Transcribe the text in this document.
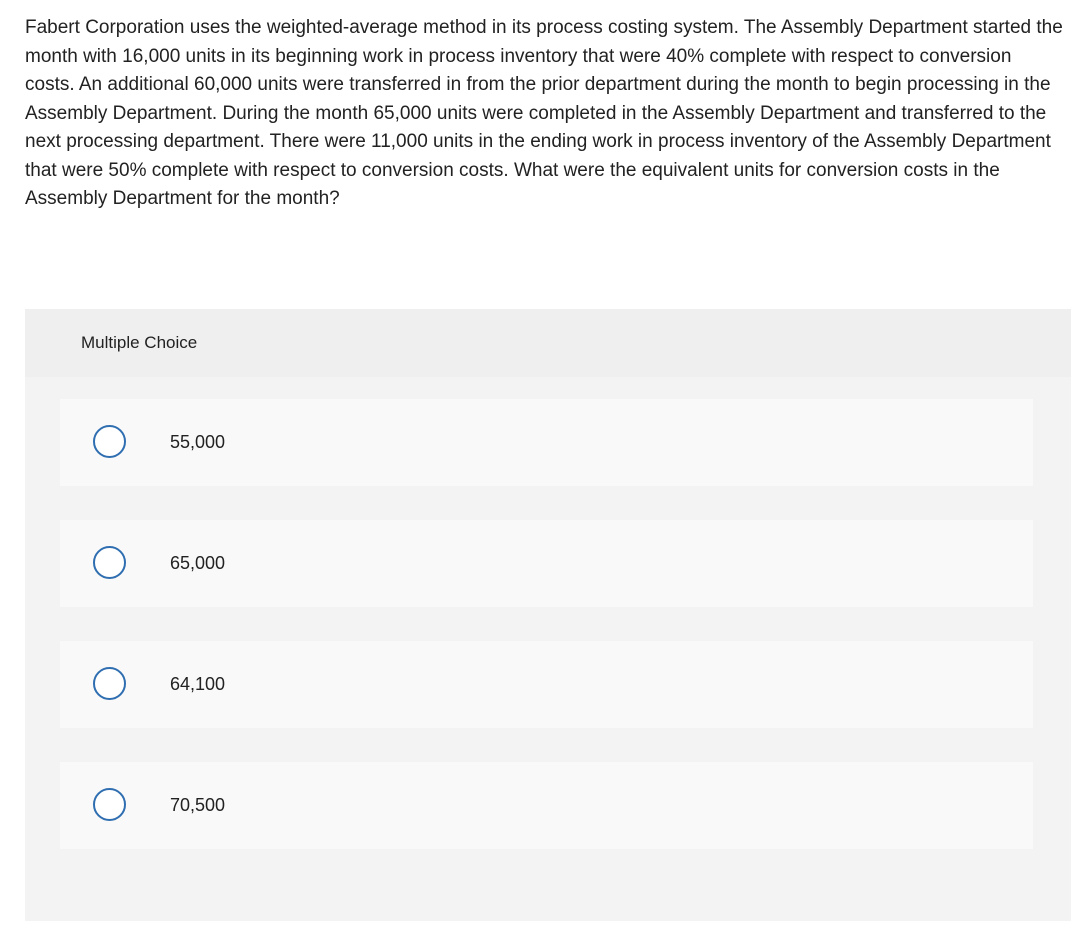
Fabert Corporation uses the weighted-average method in its process costing system. The Assembly Department started the month with 16,000 units in its beginning work in process inventory that were 40% complete with respect to conversion costs. An additional 60,000 units were transferred in from the prior department during the month to begin processing in the Assembly Department. During the month 65,000 units were completed in the Assembly Department and transferred to the next processing department. There were 11,000 units in the ending work in process inventory of the Assembly Department that were 50% complete with respect to conversion costs. What were the equivalent units for conversion costs in the Assembly Department for the month?

Multiple Choice
55,000
65,000
64,100
70,500
